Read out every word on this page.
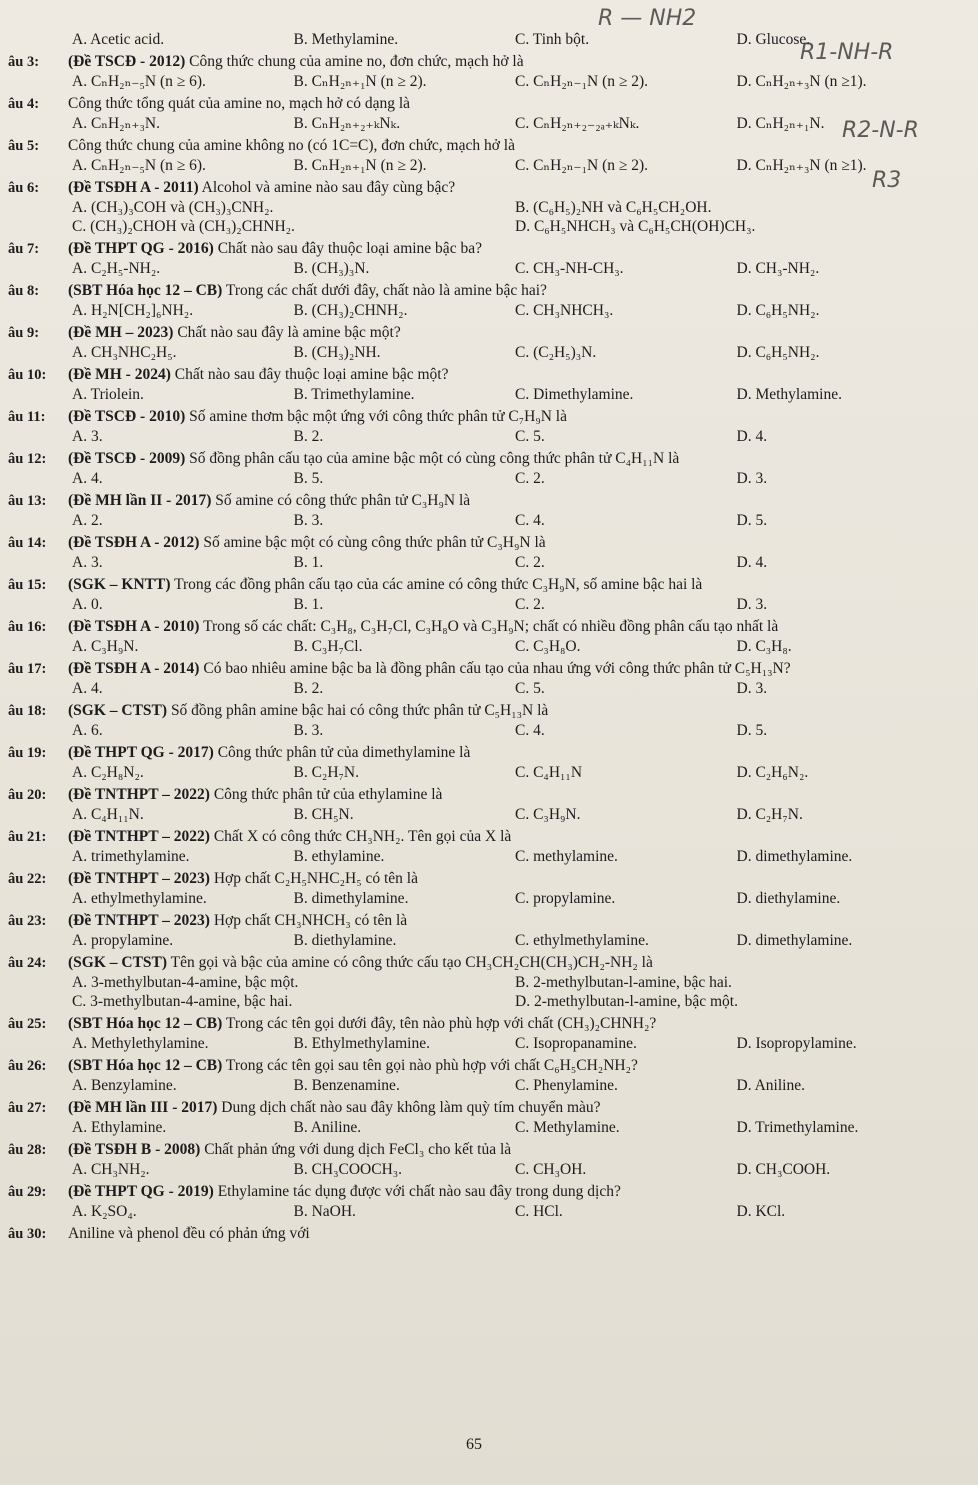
A. Acetic acid.	B. Methylamine.	C. Tinh bột.	D. Glucose.
âu 3: (Đề TSCĐ - 2012) Công thức chung của amine no, đơn chức, mạch hở là
A. CₙH₂ₙ₋₅N (n ≥ 6).	B. CₙH₂ₙ₊₁N (n ≥ 2).	C. CₙH₂ₙ₋₁N (n ≥ 2).	D. CₙH₂ₙ₊₃N (n ≥1).
âu 4: Công thức tổng quát của amine no, mạch hở có dạng là
A. CₙH₂ₙ₊₃N.	B. CₙH₂ₙ₊₂₊ₖNₖ.	C. CₙH₂ₙ₊₂₋₂ₐ₊ₖNₖ.	D. CₙH₂ₙ₊₁N.
âu 5: Công thức chung của amine không no (có 1C=C), đơn chức, mạch hở là
A. CₙH₂ₙ₋₅N (n ≥ 6).	B. CₙH₂ₙ₊₁N (n ≥ 2).	C. CₙH₂ₙ₋₁N (n ≥ 2).	D. CₙH₂ₙ₊₃N (n ≥1).
âu 6: (Đề TSĐH A - 2011) Alcohol và amine nào sau đây cùng bậc?
A. (CH₃)₃COH và (CH₃)₃CNH₂.	B. (C₆H₅)₂NH và C₆H₅CH₂OH.
C. (CH₃)₂CHOH và (CH₃)₂CHNH₂.	D. C₆H₅NHCH₃ và C₆H₅CH(OH)CH₃.
âu 7: (Đề THPT QG - 2016) Chất nào sau đây thuộc loại amine bậc ba?
A. C₂H₅-NH₂.	B. (CH₃)₃N.	C. CH₃-NH-CH₃.	D. CH₃-NH₂.
âu 8: (SBT Hóa học 12 – CB) Trong các chất dưới đây, chất nào là amine bậc hai?
A. H₂N[CH₂]₆NH₂.	B. (CH₃)₂CHNH₂.	C. CH₃NHCH₃.	D. C₆H₅NH₂.
âu 9: (Đề MH – 2023) Chất nào sau đây là amine bậc một?
A. CH₃NHC₂H₅.	B. (CH₃)₂NH.	C. (C₂H₅)₃N.	D. C₆H₅NH₂.
âu 10: (Đề MH - 2024) Chất nào sau đây thuộc loại amine bậc một?
A. Triolein.	B. Trimethylamine.	C. Dimethylamine.	D. Methylamine.
âu 11: (Đề TSCĐ - 2010) Số amine thơm bậc một ứng với công thức phân tử C₇H₉N là
A. 3.	B. 2.	C. 5.	D. 4.
âu 12: (Đề TSCĐ - 2009) Số đồng phân cấu tạo của amine bậc một có cùng công thức phân tử C₄H₁₁N là
A. 4.	B. 5.	C. 2.	D. 3.
âu 13: (Đề MH lần II - 2017) Số amine có công thức phân tử C₃H₉N là
A. 2.	B. 3.	C. 4.	D. 5.
âu 14: (Đề TSĐH A - 2012) Số amine bậc một có cùng công thức phân tử C₃H₉N là
A. 3.	B. 1.	C. 2.	D. 4.
âu 15: (SGK – KNTT) Trong các đồng phân cấu tạo của các amine có công thức C₃H₉N, số amine bậc hai là
A. 0.	B. 1.	C. 2.	D. 3.
âu 16: (Đề TSĐH A - 2010) Trong số các chất: C₃H₈, C₃H₇Cl, C₃H₈O và C₃H₉N; chất có nhiều đồng phân cấu tạo nhất là
A. C₃H₉N.	B. C₃H₇Cl.	C. C₃H₈O.	D. C₃H₈.
âu 17: (Đề TSĐH A - 2014) Có bao nhiêu amine bậc ba là đồng phân cấu tạo của nhau ứng với công thức phân tử C₅H₁₃N?
A. 4.	B. 2.	C. 5.	D. 3.
âu 18: (SGK – CTST) Số đồng phân amine bậc hai có công thức phân tử C₅H₁₃N là
A. 6.	B. 3.	C. 4.	D. 5.
âu 19: (Đề THPT QG - 2017) Công thức phân tử của dimethylamine là
A. C₂H₈N₂.	B. C₂H₇N.	C. C₄H₁₁N	D. C₂H₆N₂.
âu 20: (Đề TNTHPT – 2022) Công thức phân tử của ethylamine là
A. C₄H₁₁N.	B. CH₅N.	C. C₃H₉N.	D. C₂H₇N.
âu 21: (Đề TNTHPT – 2022) Chất X có công thức CH₃NH₂. Tên gọi của X là
A. trimethylamine.	B. ethylamine.	C. methylamine.	D. dimethylamine.
âu 22: (Đề TNTHPT – 2023) Hợp chất C₂H₅NHC₂H₅ có tên là
A. ethylmethylamine.	B. dimethylamine.	C. propylamine.	D. diethylamine.
âu 23: (Đề TNTHPT – 2023) Hợp chất CH₃NHCH₃ có tên là
A. propylamine.	B. diethylamine.	C. ethylmethylamine.	D. dimethylamine.
âu 24: (SGK – CTST) Tên gọi và bậc của amine có công thức cấu tạo CH₃CH₂CH(CH₃)CH₂-NH₂ là
A. 3-methylbutan-4-amine, bậc một.	B. 2-methylbutan-l-amine, bậc hai.
C. 3-methylbutan-4-amine, bậc hai.	D. 2-methylbutan-l-amine, bậc một.
âu 25: (SBT Hóa học 12 – CB) Trong các tên gọi dưới đây, tên nào phù hợp với chất (CH₃)₂CHNH₂?
A. Methylethylamine.	B. Ethylmethylamine.	C. Isopropanamine.	D. Isopropylamine.
âu 26: (SBT Hóa học 12 – CB) Trong các tên gọi sau tên gọi nào phù hợp với chất C₆H₅CH₂NH₂?
A. Benzylamine.	B. Benzenamine.	C. Phenylamine.	D. Aniline.
âu 27: (Đề MH lần III - 2017) Dung dịch chất nào sau đây không làm quỳ tím chuyển màu?
A. Ethylamine.	B. Aniline.	C. Methylamine.	D. Trimethylamine.
âu 28: (Đề TSĐH B - 2008) Chất phản ứng với dung dịch FeCl₃ cho kết tủa là
A. CH₃NH₂.	B. CH₃COOCH₃.	C. CH₃OH.	D. CH₃COOH.
âu 29: (Đề THPT QG - 2019) Ethylamine tác dụng được với chất nào sau đây trong dung dịch?
A. K₂SO₄.	B. NaOH.	C. HCl.	D. KCl.
âu 30: Aniline và phenol đều có phản ứng với
R — NH2
R1-NH-R
R2-N-R
R3
65
